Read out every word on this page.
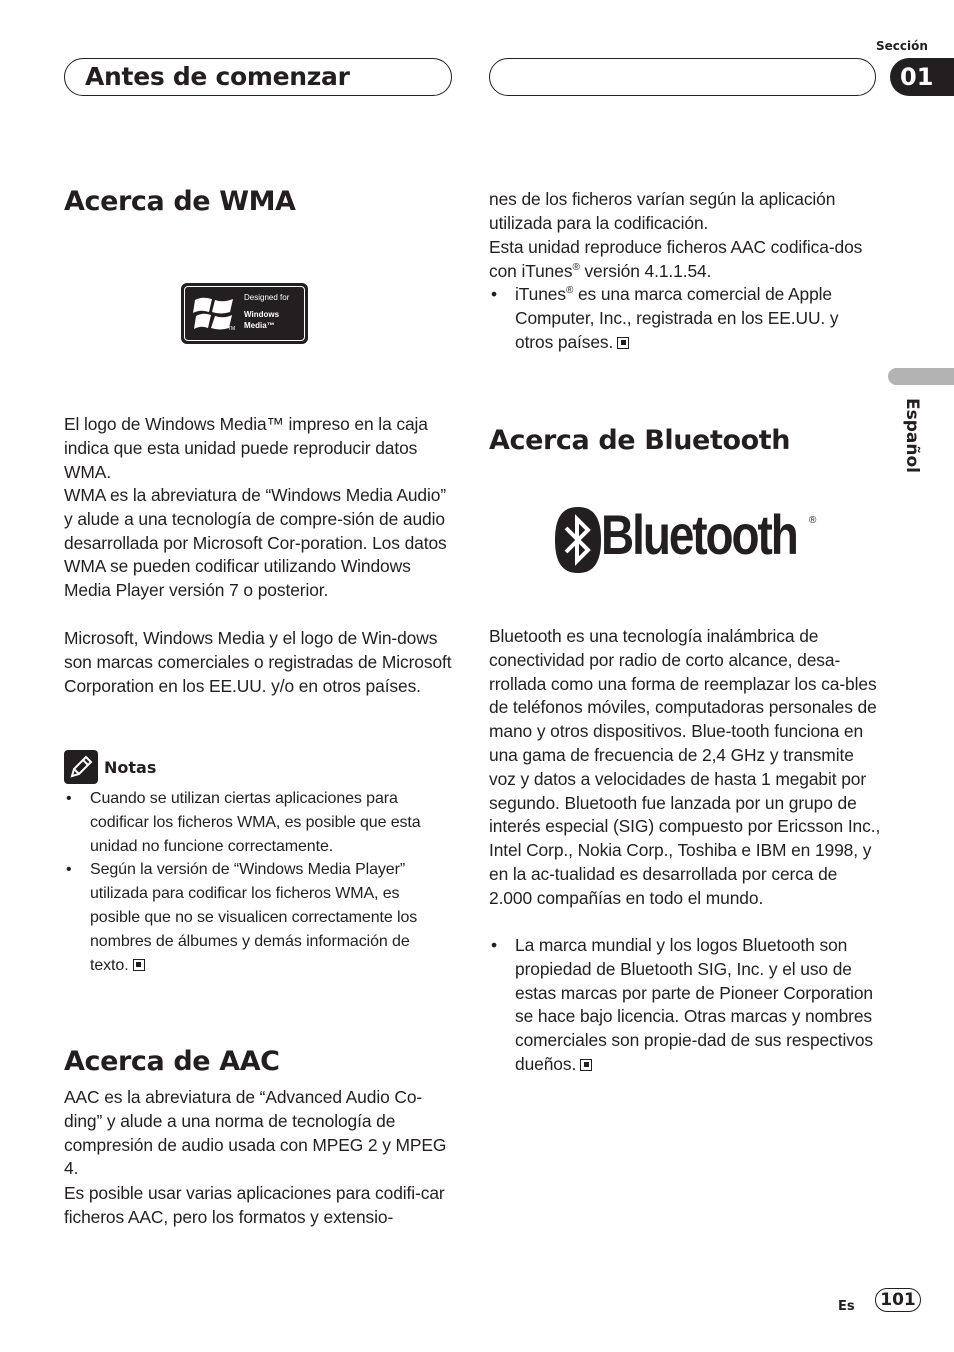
Sección
Antes de comenzar	01
Español
Acerca de WMA
TM
Designed for
Windows
Media™

El logo de Windows Media™ impreso en la caja indica que esta unidad puede reproducir datos WMA.

WMA es la abreviatura de “Windows Media Audio” y alude a una tecnología de compre-sión de audio desarrollada por Microsoft Cor-poration. Los datos WMA se pueden codificar utilizando Windows Media Player versión 7 o posterior.

Microsoft, Windows Media y el logo de Win-dows son marcas comerciales o registradas de Microsoft Corporation en los EE.UU. y/o en otros países.

Notas
• Cuando se utilizan ciertas aplicaciones para codificar los ficheros WMA, es posible que esta unidad no funcione correctamente.
• Según la versión de “Windows Media Player” utilizada para codificar los ficheros WMA, es posible que no se visualicen correctamente los nombres de álbumes y demás información de texto.
Acerca de AAC

AAC es la abreviatura de “Advanced Audio Co-ding” y alude a una norma de tecnología de compresión de audio usada con MPEG 2 y MPEG 4.

Es posible usar varias aplicaciones para codifi-car ficheros AAC, pero los formatos y extensio-

nes de los ficheros varían según la aplicación utilizada para la codificación.

Esta unidad reproduce ficheros AAC codifica-dos con iTunes® versión 4.1.1.54.

• iTunes® es una marca comercial de Apple Computer, Inc., registrada en los EE.UU. y otros países.
Acerca de Bluetooth
Bluetooth ®

Bluetooth es una tecnología inalámbrica de conectividad por radio de corto alcance, desa-rrollada como una forma de reemplazar los ca-bles de teléfonos móviles, computadoras personales de mano y otros dispositivos. Blue-tooth funciona en una gama de frecuencia de 2,4 GHz y transmite voz y datos a velocidades de hasta 1 megabit por segundo. Bluetooth fue lanzada por un grupo de interés especial (SIG) compuesto por Ericsson Inc., Intel Corp., Nokia Corp., Toshiba e IBM en 1998, y en la ac-tualidad es desarrollada por cerca de 2.000 compañías en todo el mundo.

• La marca mundial y los logos Bluetooth son propiedad de Bluetooth SIG, Inc. y el uso de estas marcas por parte de Pioneer Corporation se hace bajo licencia. Otras marcas y nombres comerciales son propie-dad de sus respectivos dueños.
Es	101
